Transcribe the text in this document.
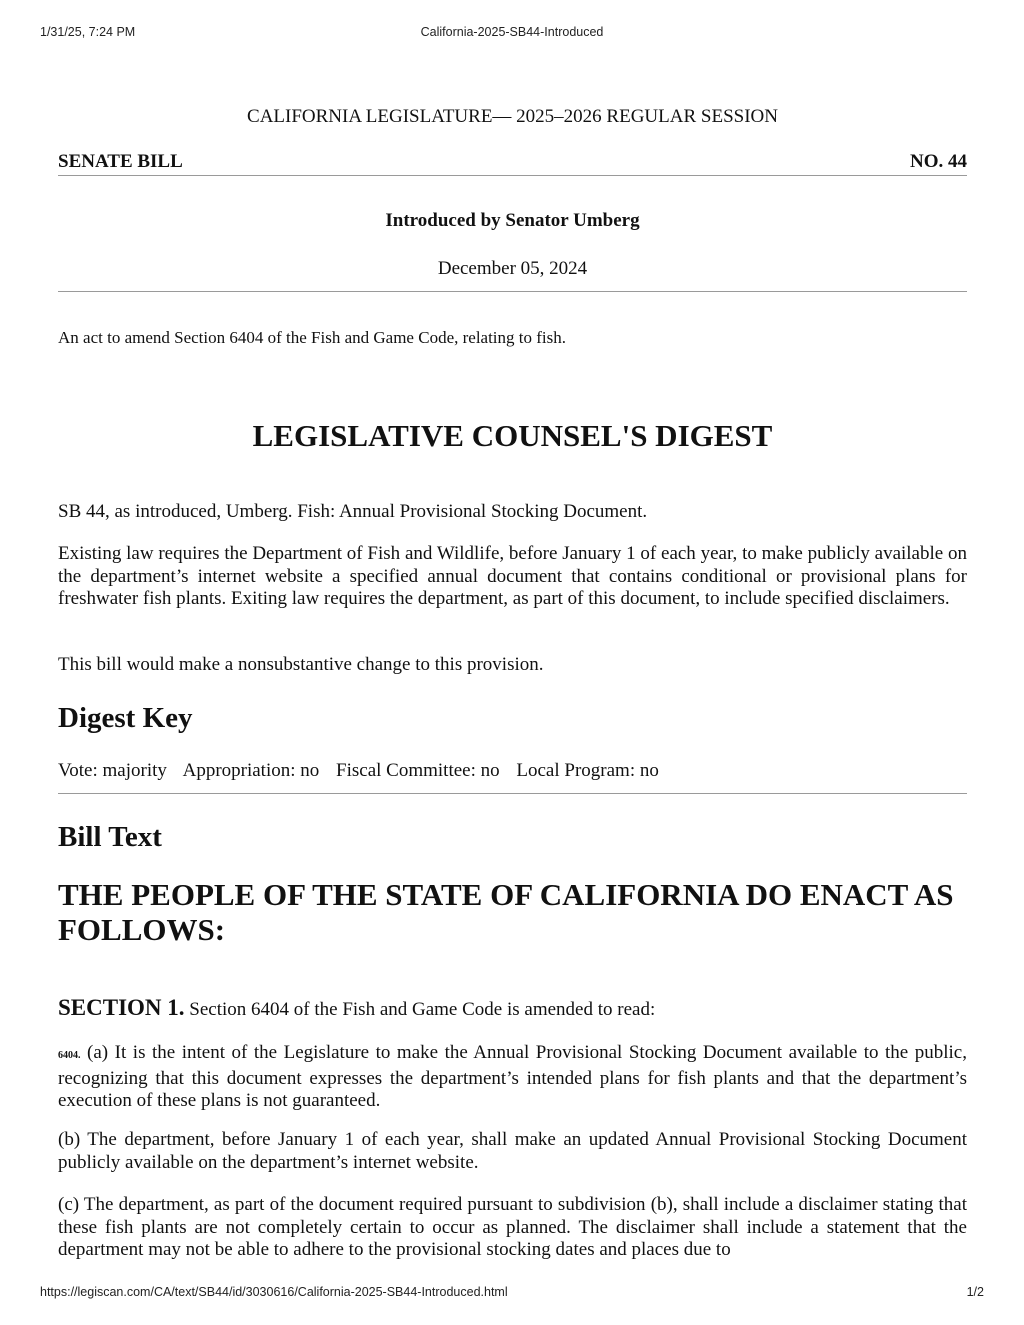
1/31/25, 7:24 PM	California-2025-SB44-Introduced
CALIFORNIA LEGISLATURE— 2025–2026 REGULAR SESSION
SENATE BILL	NO. 44
Introduced by Senator Umberg
December 05, 2024
An act to amend Section 6404 of the Fish and Game Code, relating to fish.
LEGISLATIVE COUNSEL'S DIGEST

SB 44, as introduced, Umberg. Fish: Annual Provisional Stocking Document.

Existing law requires the Department of Fish and Wildlife, before January 1 of each year, to make publicly available on the department’s internet website a specified annual document that contains conditional or provisional plans for freshwater fish plants. Exiting law requires the department, as part of this document, to include specified disclaimers.

This bill would make a nonsubstantive change to this provision.

Digest Key
Vote: majority Appropriation: no Fiscal Committee: no Local Program: no
Bill Text
THE PEOPLE OF THE STATE OF CALIFORNIA DO ENACT AS FOLLOWS:
SECTION 1. Section 6404 of the Fish and Game Code is amended to read:

6404. (a) It is the intent of the Legislature to make the Annual Provisional Stocking Document available to the public, recognizing that this document expresses the department’s intended plans for fish plants and that the department’s execution of these plans is not guaranteed.

(b) The department, before January 1 of each year, shall make an updated Annual Provisional Stocking Document publicly available on the department’s internet website.

(c) The department, as part of the document required pursuant to subdivision (b), shall include a disclaimer stating that these fish plants are not completely certain to occur as planned. The disclaimer shall include a statement that the department may not be able to adhere to the provisional stocking dates and places due to

https://legiscan.com/CA/text/SB44/id/3030616/California-2025-SB44-Introduced.html	1/2
